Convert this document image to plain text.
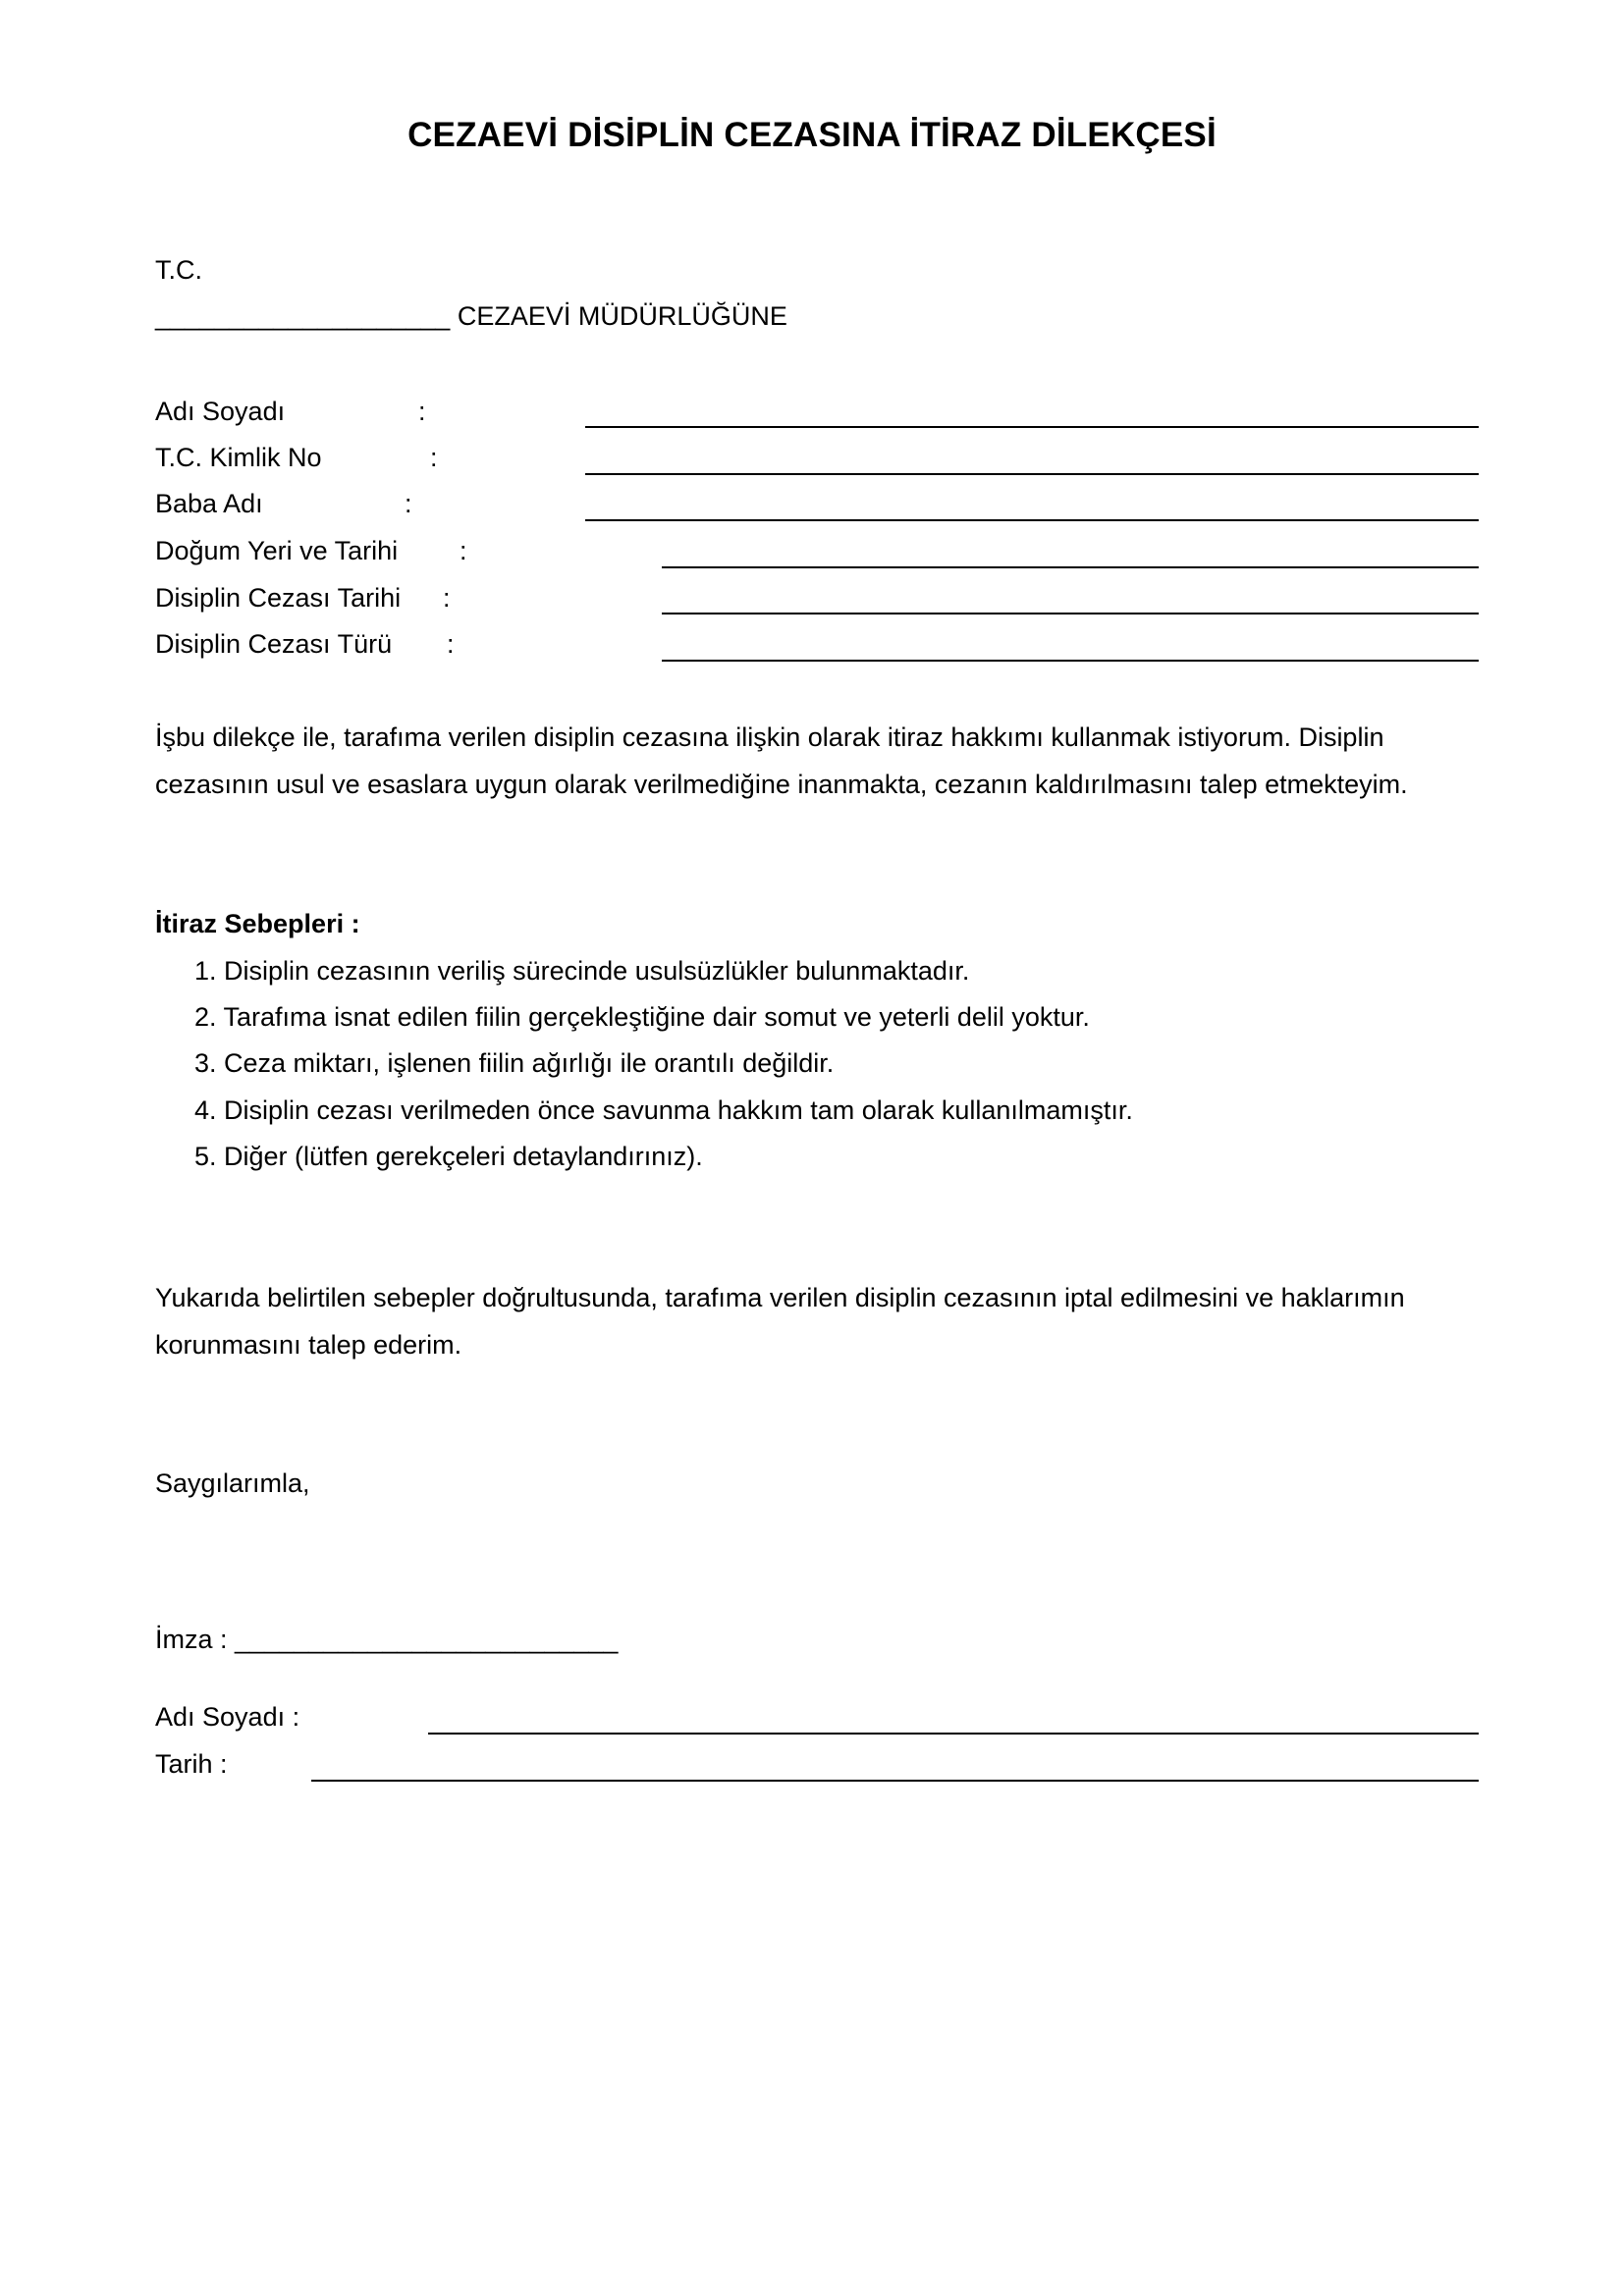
CEZAEVİ DİSİPLİN CEZASINA İTİRAZ DİLEKÇESİ
T.C.
____________________ CEZAEVİ MÜDÜRLÜĞÜNE
Adı Soyadı	:
T.C. Kimlik No	:
Baba Adı	:
Doğum Yeri ve Tarihi :
Disiplin Cezası Tarihi :
Disiplin Cezası Türü :
İşbu dilekçe ile, tarafıma verilen disiplin cezasına ilişkin olarak itiraz hakkımı kullanmak istiyorum. Disiplin cezasının usul ve esaslara uygun olarak verilmediğine inanmakta, cezanın kaldırılmasını talep etmekteyim.
İtiraz Sebepleri :
1. Disiplin cezasının veriliş sürecinde usulsüzlükler bulunmaktadır.
2. Tarafıma isnat edilen fiilin gerçekleştiğine dair somut ve yeterli delil yoktur.
3. Ceza miktarı, işlenen fiilin ağırlığı ile orantılı değildir.
4. Disiplin cezası verilmeden önce savunma hakkım tam olarak kullanılmamıştır.
5. Diğer (lütfen gerekçeleri detaylandırınız).
Yukarıda belirtilen sebepler doğrultusunda, tarafıma verilen disiplin cezasının iptal edilmesini ve haklarımın korunmasını talep ederim.
Saygılarımla,
İmza : __________________________
Adı Soyadı :
Tarih :
